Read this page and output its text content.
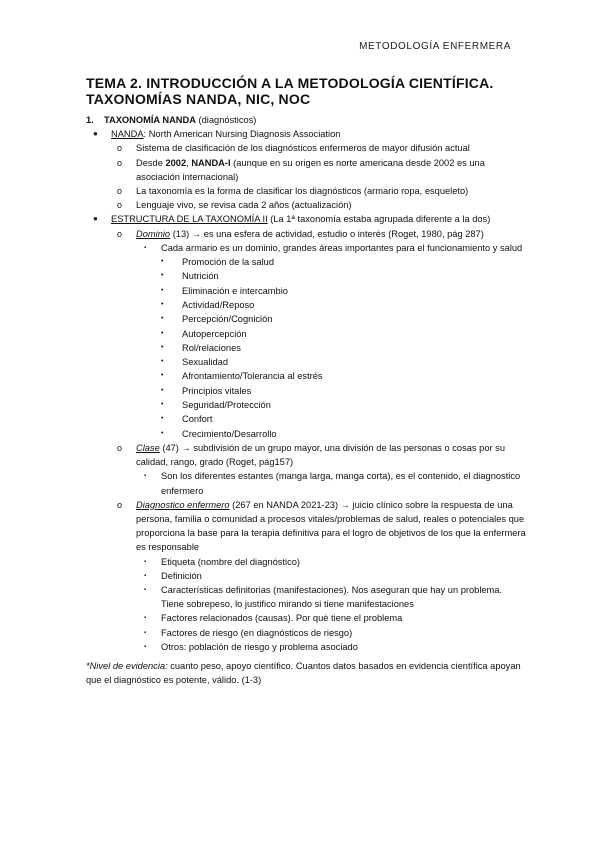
METODOLOGÍA ENFERMERA
TEMA 2. INTRODUCCIÓN A LA METODOLOGÍA CIENTÍFICA.
TAXONOMÍAS NANDA, NIC, NOC
1. TAXONOMÍA NANDA (diagnósticos)
● NANDA: North American Nursing Diagnosis Association
o Sistema de clasificación de los diagnósticos enfermeros de mayor difusión actual
o Desde 2002, NANDA-I (aunque en su origen es norte americana desde 2002 es una asociación internacional)
o La taxonomía es la forma de clasificar los diagnósticos (armario ropa, esqueleto)
o Lenguaje vivo, se revisa cada 2 años (actualización)
● ESTRUCTURA DE LA TAXONOMÍA II (La 1ª taxonomía estaba agrupada diferente a la dos)
o Dominio (13) → es una esfera de actividad, estudio o interés (Roget, 1980, pág 287)
▪ Cada armario es un dominio, grandes áreas importantes para el funcionamiento y salud
• Promoción de la salud
• Nutrición
• Eliminación e intercambio
• Actividad/Reposo
• Percepción/Cognición
• Autopercepción
• Rol/relaciones
• Sexualidad
• Afrontamiento/Tolerancia al estrés
• Principios vitales
• Seguridad/Protección
• Confort
• Crecimiento/Desarrollo
o Clase (47) → subdivisión de un grupo mayor, una división de las personas o cosas por su calidad, rango, grado (Roget, pág157)
▪ Son los diferentes estantes (manga larga, manga corta), es el contenido, el diagnostico enfermero
o Diagnostico enfermero (267 en NANDA 2021-23) → juicio clínico sobre la respuesta de una persona, familia o comunidad a procesos vitales/problemas de salud, reales o potenciales que proporciona la base para la terapia definitiva para el logro de objetivos de los que la enfermera es responsable
▪ Etiqueta (nombre del diagnóstico)
▪ Definición
▪ Características definitorias (manifestaciones). Nos aseguran que hay un problema. Tiene sobrepeso, lo justifico mirando si tiene manifestaciones
▪ Factores relacionados (causas). Por qué tiene el problema
▪ Factores de riesgo (en diagnósticos de riesgo)
▪ Otros: población de riesgo y problema asociado
*Nivel de evidencia: cuanto peso, apoyo científico. Cuantos datos basados en evidencia científica apoyan que el diagnóstico es potente, válido. (1-3)
